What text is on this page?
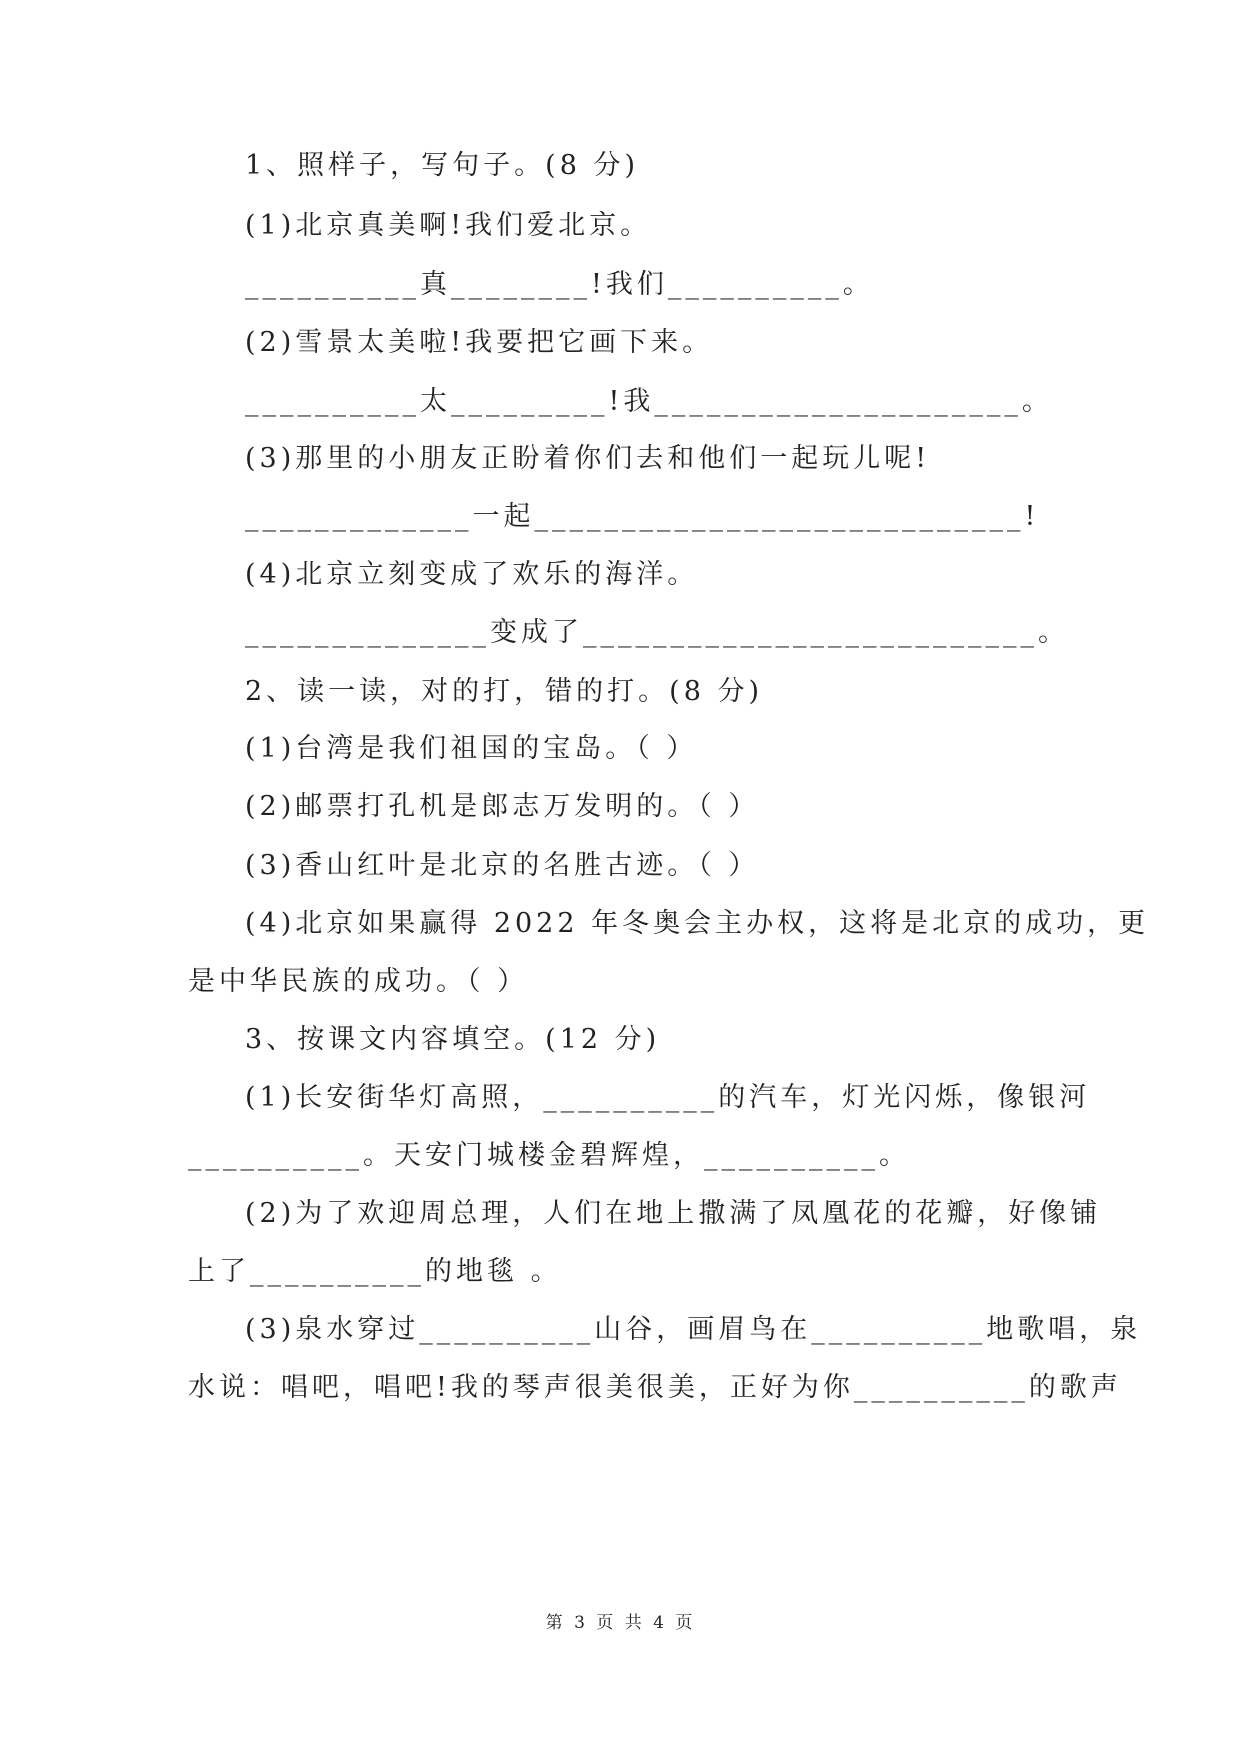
1、照样子，写句子。(8 分)
(1)北京真美啊!我们爱北京。
__________真________!我们__________。
(2)雪景太美啦!我要把它画下来。
__________太_________!我_____________________。
(3)那里的小朋友正盼着你们去和他们一起玩儿呢!
_____________一起____________________________!
(4)北京立刻变成了欢乐的海洋。
______________变成了__________________________。
2、读一读，对的打，错的打。(8 分)
(1)台湾是我们祖国的宝岛。（ ）
(2)邮票打孔机是郎志万发明的。（ ）
(3)香山红叶是北京的名胜古迹。（ ）
(4)北京如果赢得 2022 年冬奥会主办权，这将是北京的成功，更
是中华民族的成功。（ ）
3、按课文内容填空。(12 分)
(1)长安街华灯高照，__________的汽车，灯光闪烁，像银河
__________。天安门城楼金碧辉煌，__________。
(2)为了欢迎周总理，人们在地上撒满了凤凰花的花瓣，好像铺
上了__________的地毯 。
(3)泉水穿过__________山谷，画眉鸟在__________地歌唱，泉
水说：唱吧，唱吧!我的琴声很美很美，正好为你__________的歌声
第 3 页 共 4 页
